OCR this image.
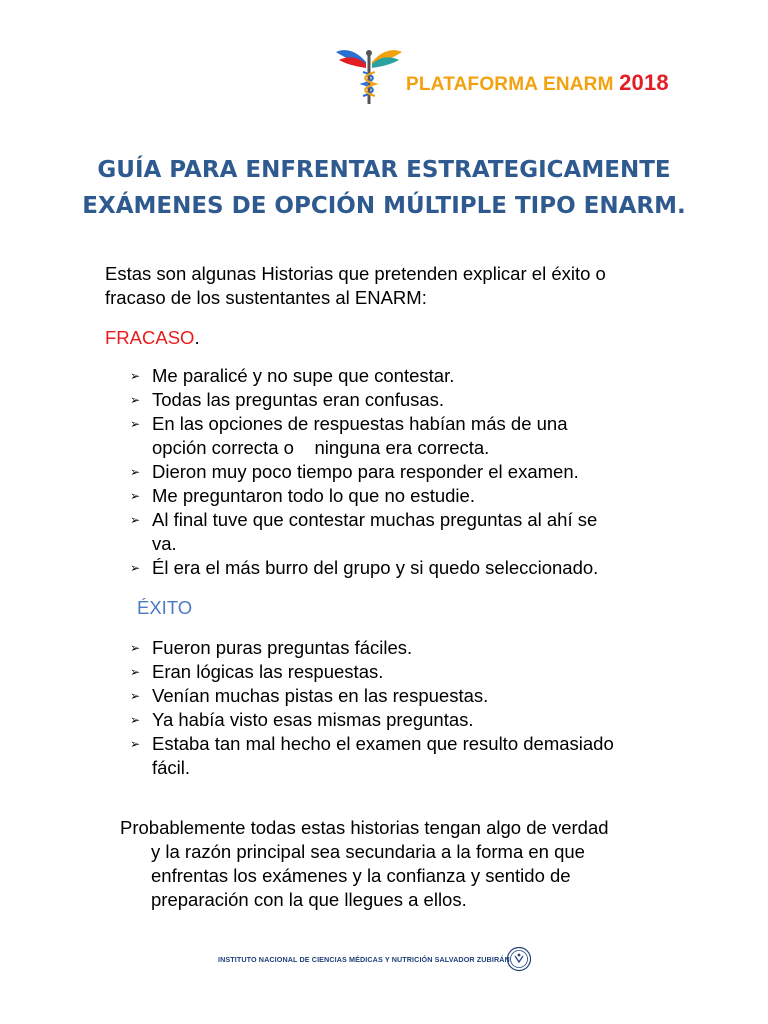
PLATAFORMA ENARM 2018
GUÍA PARA ENFRENTAR ESTRATEGICAMENTE
EXÁMENES DE OPCIÓN MÚLTIPLE TIPO ENARM.
Estas son algunas Historias que pretenden explicar el éxito o
fracaso de los sustentantes al ENARM:
FRACASO.
➢ Me paralicé y no supe que contestar.
➢ Todas las preguntas eran confusas.
➢ En las opciones de respuestas habían más de una
opción correcta o    ninguna era correcta.
➢ Dieron muy poco tiempo para responder el examen.
➢ Me preguntaron todo lo que no estudie.
➢ Al final tuve que contestar muchas preguntas al ahí se
va.
➢ Él era el más burro del grupo y si quedo seleccionado.
ÉXITO
➢ Fueron puras preguntas fáciles.
➢ Eran lógicas las respuestas.
➢ Venían muchas pistas en las respuestas.
➢ Ya había visto esas mismas preguntas.
➢ Estaba tan mal hecho el examen que resulto demasiado
fácil.
Probablemente todas estas historias tengan algo de verdad
y la razón principal sea secundaria a la forma en que
enfrentas los exámenes y la confianza y sentido de
preparación con la que llegues a ellos.
INSTITUTO NACIONAL DE CIENCIAS MÉDICAS Y NUTRICIÓN SALVADOR ZUBIRÁN
